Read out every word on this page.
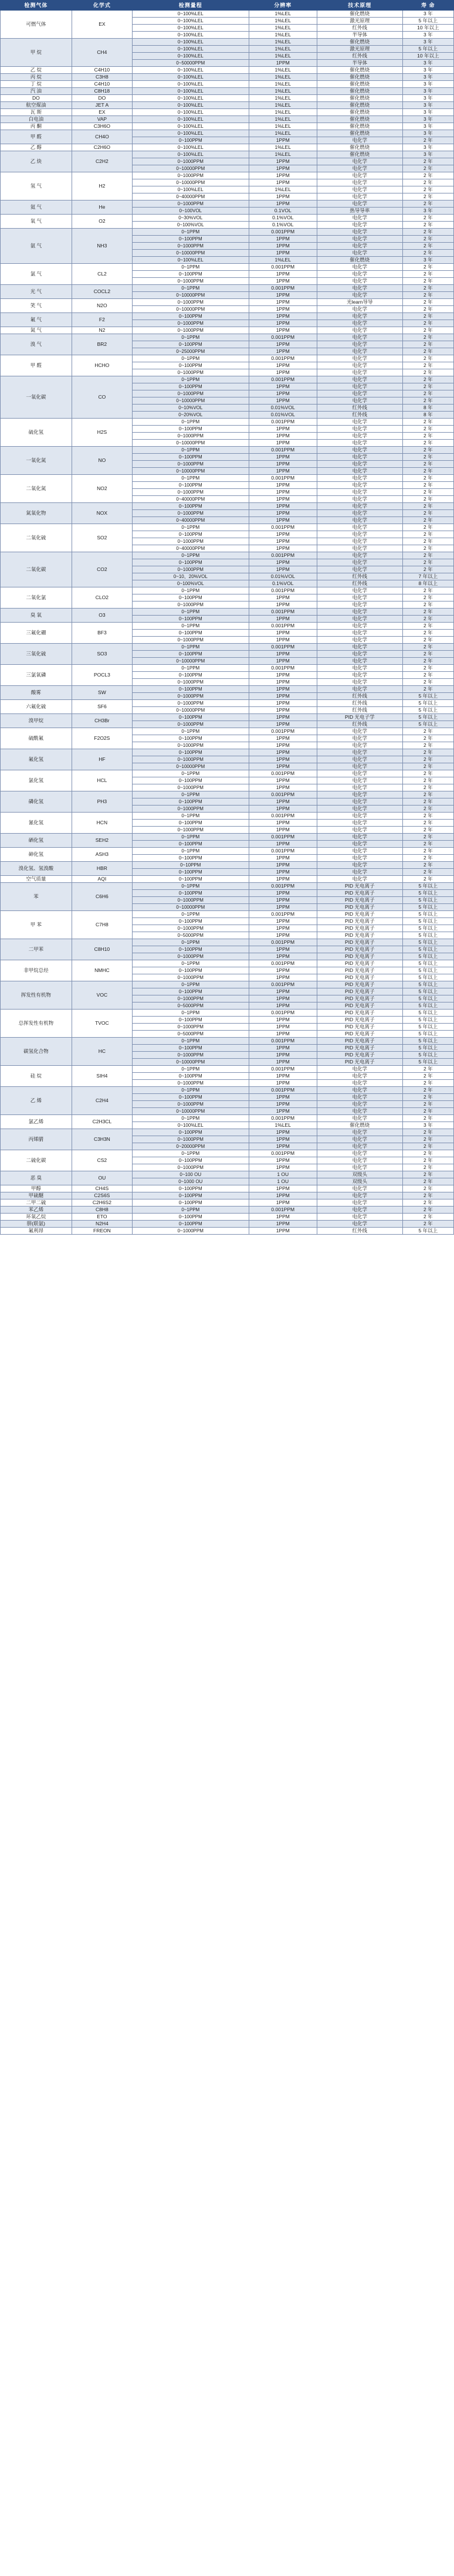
检测气体	化学式	检测量程	分辨率	技术原理	寿 命
可燃气体	EX	0~100%LEL	1%LEL	催化燃烧	3 年
		0~100%LEL	1%LEL	激光原理	5 年以上
		0~100%LEL	1%LEL	红外线	10 年以上
		0~100%LEL	1%LEL	半导体	3 年
甲 烷	CH4	0~100%LEL	1%LEL	催化燃烧	3 年
		0~100%LEL	1%LEL	激光原理	5 年以上
		0~100%LEL	1%LEL	红外线	10 年以上
		0~50000PPM	1PPM	半导体	3 年
乙 烷	C4H10	0~100%LEL	1%LEL	催化燃烧	3 年
丙 烷	C3H8	0~100%LEL	1%LEL	催化燃烧	3 年
丁 烷	C4H10	0~100%LEL	1%LEL	催化燃烧	3 年
汽 油	C8H18	0~100%LEL	1%LEL	催化燃烧	3 年
DO	DO	0~100%LEL	1%LEL	催化燃烧	3 年
航空煤油	JET A	0~100%LEL	1%LEL	催化燃烧	3 年
瓦 斯	EX	0~100%LEL	1%LEL	催化燃烧	3 年
白电油	VAP	0~100%LEL	1%LEL	催化燃烧	3 年
丙 酮	C3H6O	0~100%LEL	1%LEL	催化燃烧	3 年
甲 醛	CH4O	0~100%LEL	1%LEL	催化燃烧	3 年
		0~100PPM	1PPM	电化学	2 年
乙 醇	C2H6O	0~100%LEL	1%LEL	催化燃烧	3 年
乙 炔	C2H2	0~100%LEL	1%LEL	催化燃烧	3 年
		0~1000PPM	1PPM	电化学	2 年
		0~10000PPM	1PPM	电化学	2 年
氢 气	H2	0~1000PPM	1PPM	电化学	2 年
		0~10000PPM	1PPM	电化学	2 年
		0~100%LEL	1%LEL	电化学	2 年
		0~40000PPM	1PPM	电化学	2 年
氦 气	He	0~1000PPM	1PPM	电化学	2 年
		0~100VOL	0.1VOL	热导导率	3 年
氧 气	O2	0~30%VOL	0.1%VOL	电化学	2 年
		0~100%VOL	0.1%VOL	电化学	2 年
氨 气	NH3	0~1PPM	0.001PPM	电化学	2 年
		0~100PPM	1PPM	电化学	2 年
		0~1000PPM	1PPM	电化学	2 年
		0~10000PPM	1PPM	电化学	2 年
		0~100%LEL	1%LEL	催化燃烧	3 年
氯 气	CL2	0~1PPM	0.001PPM	电化学	2 年
		0~100PPM	1PPM	电化学	2 年
		0~1000PPM	1PPM	电化学	2 年
光 气	COCL2	0~1PPM	0.001PPM	电化学	2 年
		0~10000PPM	1PPM	电化学	2 年
笑 气	N2O	0~1000PPM	1PPM	光learn导导	2 年
		0~10000PPM	1PPM	电化学	2 年
氟 气	F2	0~100PPM	1PPM	电化学	2 年
		0~1000PPM	1PPM	电化学	2 年
氮 气	N2	0~1000PPM	1PPM	电化学	2 年
溴 气	BR2	0~1PPM	0.001PPM	电化学	2 年
		0~100PPM	1PPM	电化学	2 年
		0~25000PPM	1PPM	电化学	2 年
甲 醛	HCHO	0~1PPM	0.001PPM	电化学	2 年
		0~100PPM	1PPM	电化学	2 年
		0~1000PPM	1PPM	电化学	2 年
一氧化碳	CO	0~1PPM	0.001PPM	电化学	2 年
		0~100PPM	1PPM	电化学	2 年
		0~1000PPM	1PPM	电化学	2 年
		0~10000PPM	1PPM	电化学	2 年
		0~10%VOL	0.01%VOL	红外线	8 年
		0~20%VOL	0.01%VOL	红外线	8 年
硫化氢	H2S	0~1PPM	0.001PPM	电化学	2 年
		0~100PPM	1PPM	电化学	2 年
		0~1000PPM	1PPM	电化学	2 年
		0~10000PPM	1PPM	电化学	2 年
一氧化氮	NO	0~1PPM	0.001PPM	电化学	2 年
		0~100PPM	1PPM	电化学	2 年
		0~1000PPM	1PPM	电化学	2 年
		0~10000PPM	1PPM	电化学	2 年
二氧化氮	NO2	0~1PPM	0.001PPM	电化学	2 年
		0~100PPM	1PPM	电化学	2 年
		0~1000PPM	1PPM	电化学	2 年
		0~40000PPM	1PPM	电化学	2 年
氮氧化物	NOX	0~100PPM	1PPM	电化学	2 年
		0~1000PPM	1PPM	电化学	2 年
		0~40000PPM	1PPM	电化学	2 年
二氧化硫	SO2	0~1PPM	0.001PPM	电化学	2 年
		0~100PPM	1PPM	电化学	2 年
		0~1000PPM	1PPM	电化学	2 年
		0~40000PPM	1PPM	电化学	2 年
二氧化碳	CO2	0~1PPM	0.001PPM	电化学	2 年
		0~100PPM	1PPM	电化学	2 年
		0~1000PPM	1PPM	电化学	2 年
		0~10、20%VOL	0.01%VOL	红外线	7 年以上
		0~100%VOL	0.1%VOL	红外线	8 年以上
二氧化氯	CLO2	0~1PPM	0.001PPM	电化学	2 年
		0~100PPM	1PPM	电化学	2 年
		0~1000PPM	1PPM	电化学	2 年
臭 氧	O3	0~1PPM	0.001PPM	电化学	2 年
		0~100PPM	1PPM	电化学	2 年
三氟化硼	BF3	0~1PPM	0.001PPM	电化学	2 年
		0~100PPM	1PPM	电化学	2 年
		0~1000PPM	1PPM	电化学	2 年
三氧化硫	SO3	0~1PPM	0.001PPM	电化学	2 年
		0~100PPM	1PPM	电化学	2 年
		0~10000PPM	1PPM	电化学	2 年
三氯氧磷	POCL3	0~1PPM	0.001PPM	电化学	2 年
		0~100PPM	1PPM	电化学	2 年
		0~1000PPM	1PPM	电化学	2 年
酸雾	SW	0~100PPM	1PPM	电化学	2 年
		0~1000PPM	1PPM	红外线	5 年以上
六氟化硫	SF6	0~1000PPM	1PPM	红外线	5 年以上
		0~10000PPM	1PPM	红外线	5 年以上
溴甲烷	CH3Br	0~100PPM	1PPM	PID 光电子学	5 年以上
		0~1000PPM	1PPM	红外线	5 年以上
硫酰氟	F2O2S	0~1PPM	0.001PPM	电化学	2 年
		0~100PPM	1PPM	电化学	2 年
		0~1000PPM	1PPM	电化学	2 年
氟化氢	HF	0~100PPM	1PPM	电化学	2 年
		0~1000PPM	1PPM	电化学	2 年
		0~10000PPM	1PPM	电化学	2 年
氯化氢	HCL	0~1PPM	0.001PPM	电化学	2 年
		0~100PPM	1PPM	电化学	2 年
		0~1000PPM	1PPM	电化学	2 年
磷化氢	PH3	0~1PPM	0.001PPM	电化学	2 年
		0~100PPM	1PPM	电化学	2 年
		0~1000PPM	1PPM	电化学	2 年
氰化氢	HCN	0~1PPM	0.001PPM	电化学	2 年
		0~100PPM	1PPM	电化学	2 年
		0~1000PPM	1PPM	电化学	2 年
硒化氢	SEH2	0~1PPM	0.001PPM	电化学	2 年
		0~100PPM	1PPM	电化学	2 年
砷化氢	ASH3	0~1PPM	0.001PPM	电化学	2 年
		0~100PPM	1PPM	电化学	2 年
溴化氢、氢溴酸	HBR	0~10PPM	1PPM	电化学	2 年
		0~100PPM	1PPM	电化学	2 年
空气质量	AQI	0~100PPM	1PPM	电化学	2 年
苯	C6H6	0~1PPM	0.001PPM	PID 光电离子	5 年以上
		0~100PPM	1PPM	PID 光电离子	5 年以上
		0~1000PPM	1PPM	PID 光电离子	5 年以上
		0~10000PPM	1PPM	PID 光电离子	5 年以上
甲 苯	C7H8	0~1PPM	0.001PPM	PID 光电离子	5 年以上
		0~100PPM	1PPM	PID 光电离子	5 年以上
		0~1000PPM	1PPM	PID 光电离子	5 年以上
		0~5000PPM	1PPM	PID 光电离子	5 年以上
二甲苯	C8H10	0~1PPM	0.001PPM	PID 光电离子	5 年以上
		0~100PPM	1PPM	PID 光电离子	5 年以上
		0~1000PPM	1PPM	PID 光电离子	5 年以上
非甲烷总烃	NMHC	0~1PPM	0.001PPM	PID 光电离子	5 年以上
		0~100PPM	1PPM	PID 光电离子	5 年以上
		0~1000PPM	1PPM	PID 光电离子	5 年以上
挥发性有机物	VOC	0~1PPM	0.001PPM	PID 光电离子	5 年以上
		0~100PPM	1PPM	PID 光电离子	5 年以上
		0~1000PPM	1PPM	PID 光电离子	5 年以上
		0~5000PPM	1PPM	PID 光电离子	5 年以上
总挥发性有机物	TVOC	0~1PPM	0.001PPM	PID 光电离子	5 年以上
		0~100PPM	1PPM	PID 光电离子	5 年以上
		0~1000PPM	1PPM	PID 光电离子	5 年以上
		0~5000PPM	1PPM	PID 光电离子	5 年以上
碳氢化合物	HC	0~1PPM	0.001PPM	PID 光电离子	5 年以上
		0~100PPM	1PPM	PID 光电离子	5 年以上
		0~1000PPM	1PPM	PID 光电离子	5 年以上
		0~10000PPM	1PPM	PID 光电离子	5 年以上
硅 烷	SIH4	0~1PPM	0.001PPM	电化学	2 年
		0~100PPM	1PPM	电化学	2 年
		0~1000PPM	1PPM	电化学	2 年
乙 烯	C2H4	0~1PPM	0.001PPM	电化学	2 年
		0~100PPM	1PPM	电化学	2 年
		0~1000PPM	1PPM	电化学	2 年
		0~10000PPM	1PPM	电化学	2 年
氯乙烯	C2H3CL	0~1PPM	0.001PPM	电化学	2 年
		0~100%LEL	1%LEL	催化燃烧	3 年
丙烯腈	C3H3N	0~100PPM	1PPM	电化学	2 年
		0~1000PPM	1PPM	电化学	2 年
		0~20000PPM	1PPM	电化学	2 年
二硫化碳	CS2	0~1PPM	0.001PPM	电化学	2 年
		0~100PPM	1PPM	电化学	2 年
		0~1000PPM	1PPM	电化学	2 年
恶 臭	OU	0~100 OU	1 OU	双级头	2 年
		0~1000 OU	1 OU	双级头	2 年
甲醇	CH4S	0~100PPM	1PPM	电化学	2 年
甲硫醚	C2S6S	0~100PPM	1PPM	电化学	2 年
二甲二硫	C2H6S2	0~100PPM	1PPM	电化学	2 年
苯乙烯	C8H8	0~1PPM	0.001PPM	电化学	2 年
环氧乙烷	ETO	0~100PPM	1PPM	电化学	2 年
肼(联氨)	N2H4	0~100PPM	1PPM	电化学	2 年
氟利昂	FREON	0~1000PPM	1PPM	红外线	5 年以上
